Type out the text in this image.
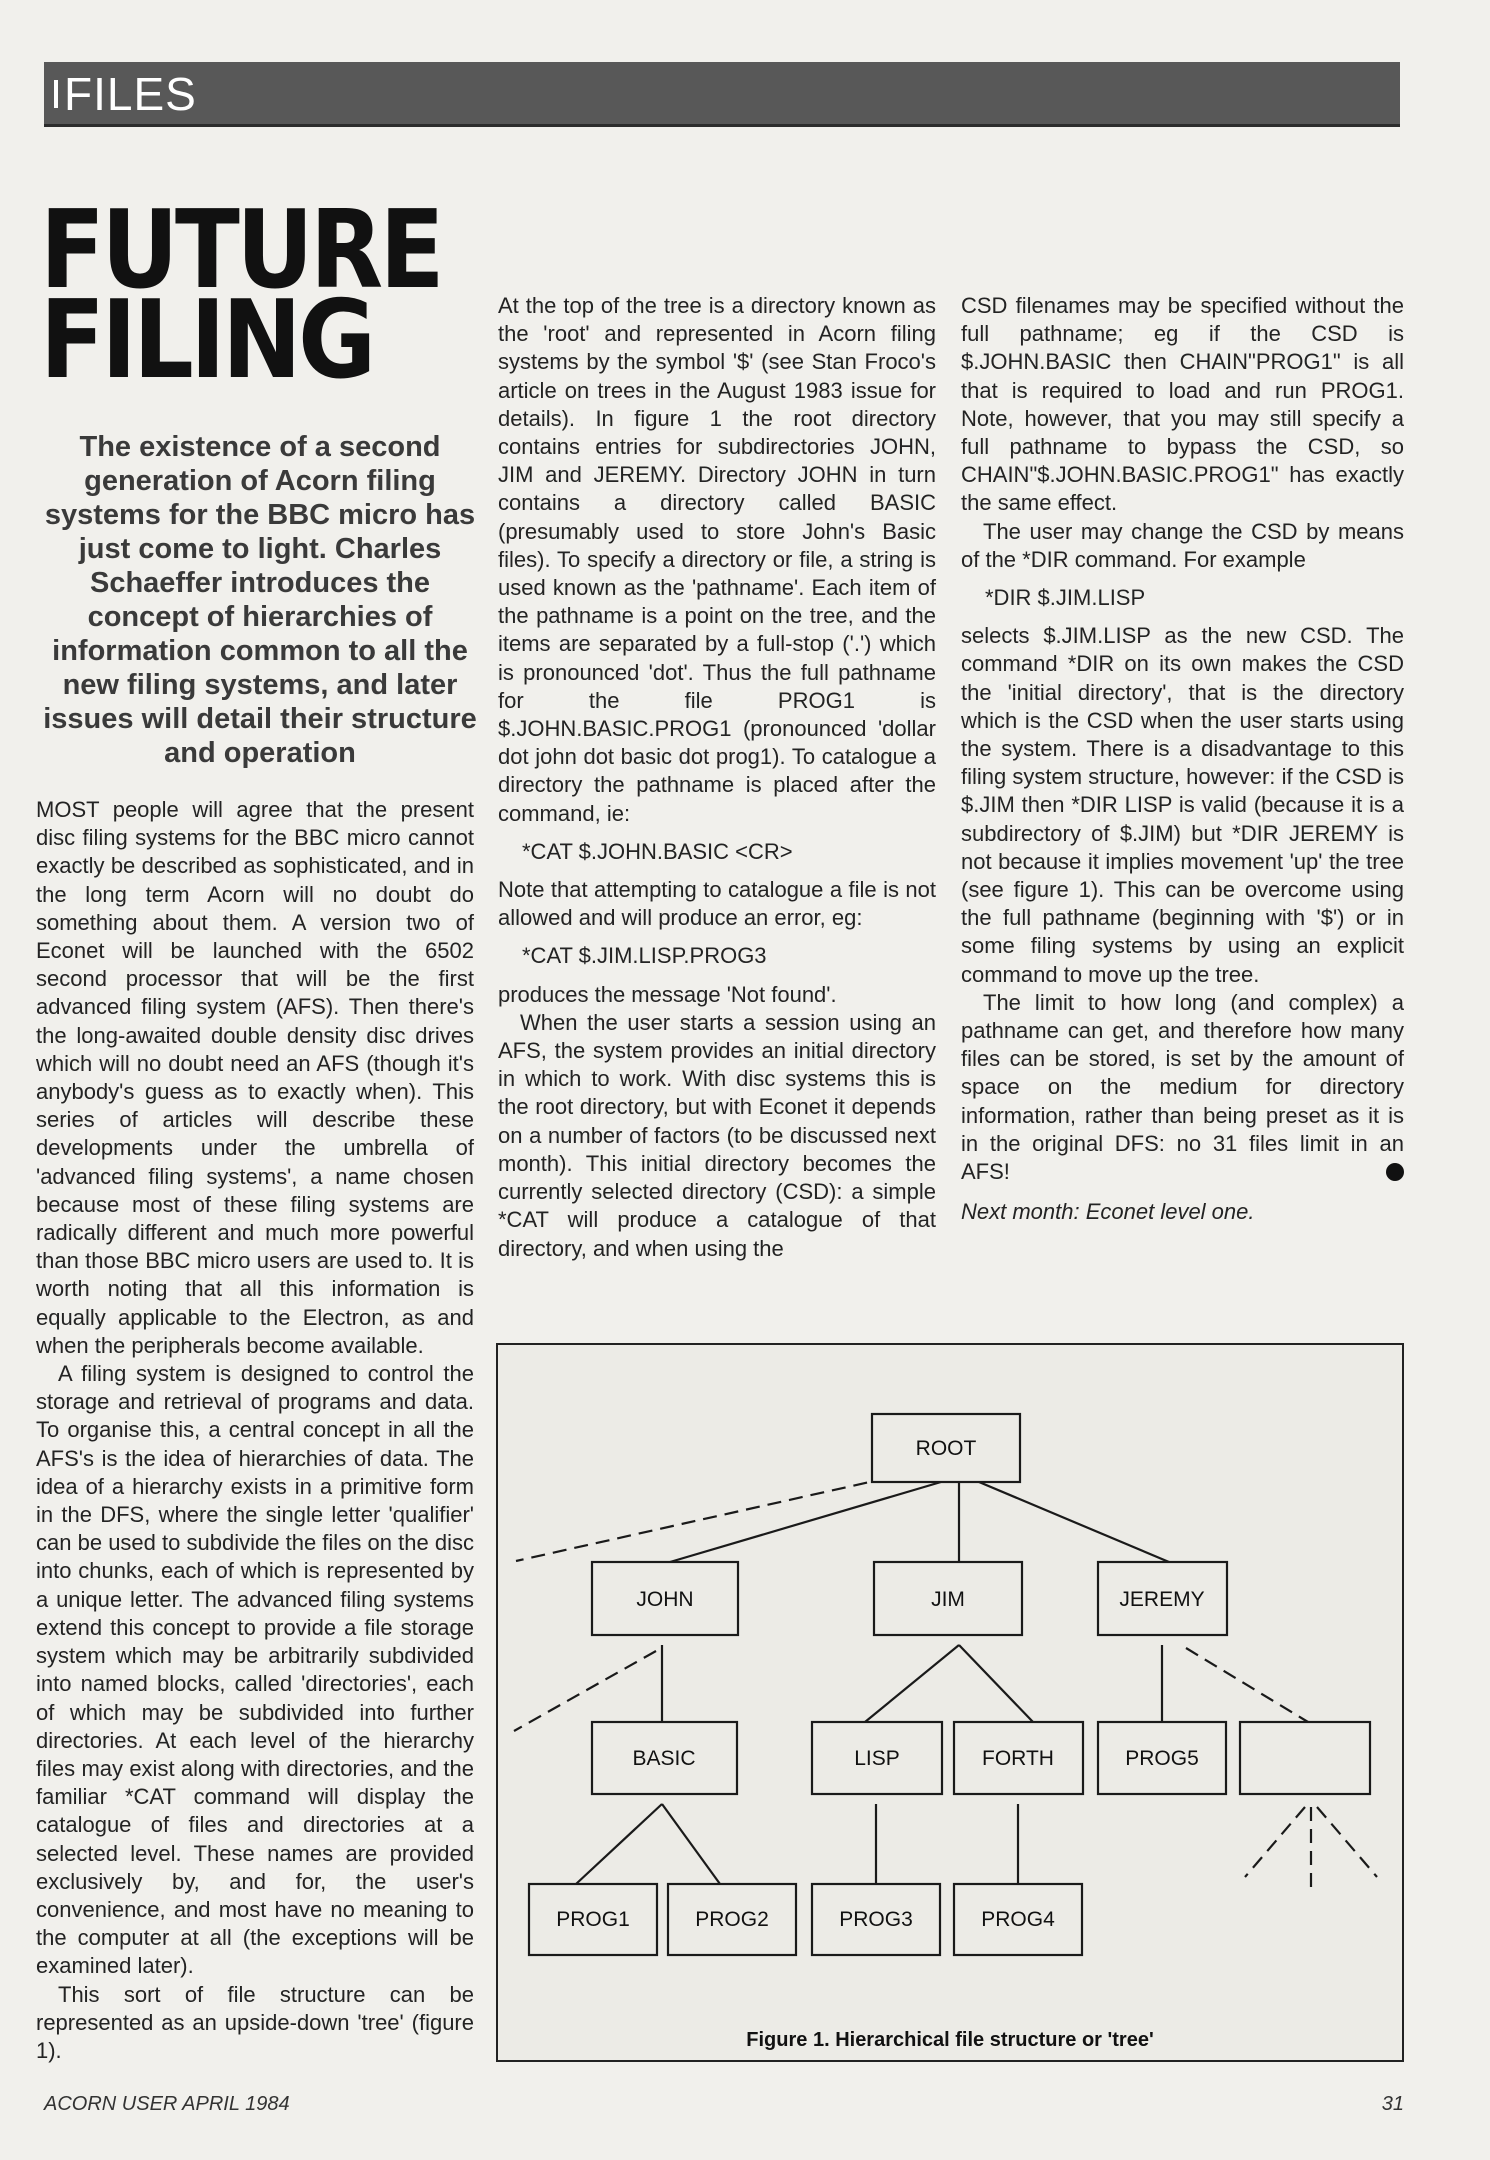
FILES
FUTURE
FILING

The existence of a second generation of Acorn filing systems for the BBC micro has just come to light. Charles Schaeffer introduces the concept of hierarchies of information common to all the new filing systems, and later issues will detail their structure and operation

MOST people will agree that the present disc filing systems for the BBC micro cannot exactly be described as sophisticated, and in the long term Acorn will no doubt do something about them. A version two of Econet will be launched with the 6502 second processor that will be the first advanced filing system (AFS). Then there's the long-awaited double density disc drives which will no doubt need an AFS (though it's anybody's guess as to exactly when). This series of articles will describe these developments under the umbrella of 'advanced filing systems', a name chosen because most of these filing systems are radically different and much more powerful than those BBC micro users are used to. It is worth noting that all this information is equally applicable to the Electron, as and when the peripherals become available.

A filing system is designed to control the storage and retrieval of programs and data. To organise this, a central concept in all the AFS's is the idea of hierarchies of data. The idea of a hierarchy exists in a primitive form in the DFS, where the single letter 'qualifier' can be used to subdivide the files on the disc into chunks, each of which is represented by a unique letter. The advanced filing systems extend this concept to provide a file storage system which may be arbitrarily subdivided into named blocks, called 'directories', each of which may be subdivided into further directories. At each level of the hierarchy files may exist along with directories, and the familiar *CAT command will display the catalogue of files and directories at a selected level. These names are provided exclusively by, and for, the user's convenience, and most have no meaning to the computer at all (the exceptions will be examined later).

This sort of file structure can be represented as an upside-down 'tree' (figure 1).

At the top of the tree is a directory known as the 'root' and represented in Acorn filing systems by the symbol '$' (see Stan Froco's article on trees in the August 1983 issue for details). In figure 1 the root directory contains entries for subdirectories JOHN, JIM and JEREMY. Directory JOHN in turn contains a directory called BASIC (presumably used to store John's Basic files). To specify a directory or file, a string is used known as the 'pathname'. Each item of the pathname is a point on the tree, and the items are separated by a full-stop ('.') which is pronounced 'dot'. Thus the full pathname for the file PROG1 is $.JOHN.BASIC.PROG1 (pronounced 'dollar dot john dot basic dot prog1). To catalogue a directory the pathname is placed after the command, ie:

*CAT $.JOHN.BASIC <CR>

Note that attempting to catalogue a file is not allowed and will produce an error, eg:

*CAT $.JIM.LISP.PROG3

produces the message 'Not found'.

When the user starts a session using an AFS, the system provides an initial directory in which to work. With disc systems this is the root directory, but with Econet it depends on a number of factors (to be discussed next month). This initial directory becomes the currently selected directory (CSD): a simple *CAT will produce a catalogue of that directory, and when using the

CSD filenames may be specified without the full pathname; eg if the CSD is $.JOHN.BASIC then CHAIN"PROG1" is all that is required to load and run PROG1. Note, however, that you may still specify a full pathname to bypass the CSD, so CHAIN"$.JOHN.BASIC.PROG1" has exactly the same effect.

The user may change the CSD by means of the *DIR command. For example

*DIR $.JIM.LISP

selects $.JIM.LISP as the new CSD. The command *DIR on its own makes the CSD the 'initial directory', that is the directory which is the CSD when the user starts using the system. There is a disadvantage to this filing system structure, however: if the CSD is $.JIM then *DIR LISP is valid (because it is a subdirectory of $.JIM) but *DIR JEREMY is not because it implies movement 'up' the tree (see figure 1). This can be overcome using the full pathname (beginning with '$') or in some filing systems by using an explicit command to move up the tree.

The limit to how long (and complex) a pathname can get, and therefore how many files can be stored, is set by the amount of space on the medium for directory information, rather than being preset as it is in the original DFS: no 31 files limit in an AFS!

Next month: Econet level one.

ROOT
JOHN	JIM	JEREMY
BASIC	LISP	FORTH	PROG5
PROG1	PROG2	PROG3	PROG4
Figure 1. Hierarchical file structure or 'tree'
ACORN USER APRIL 1984	31
